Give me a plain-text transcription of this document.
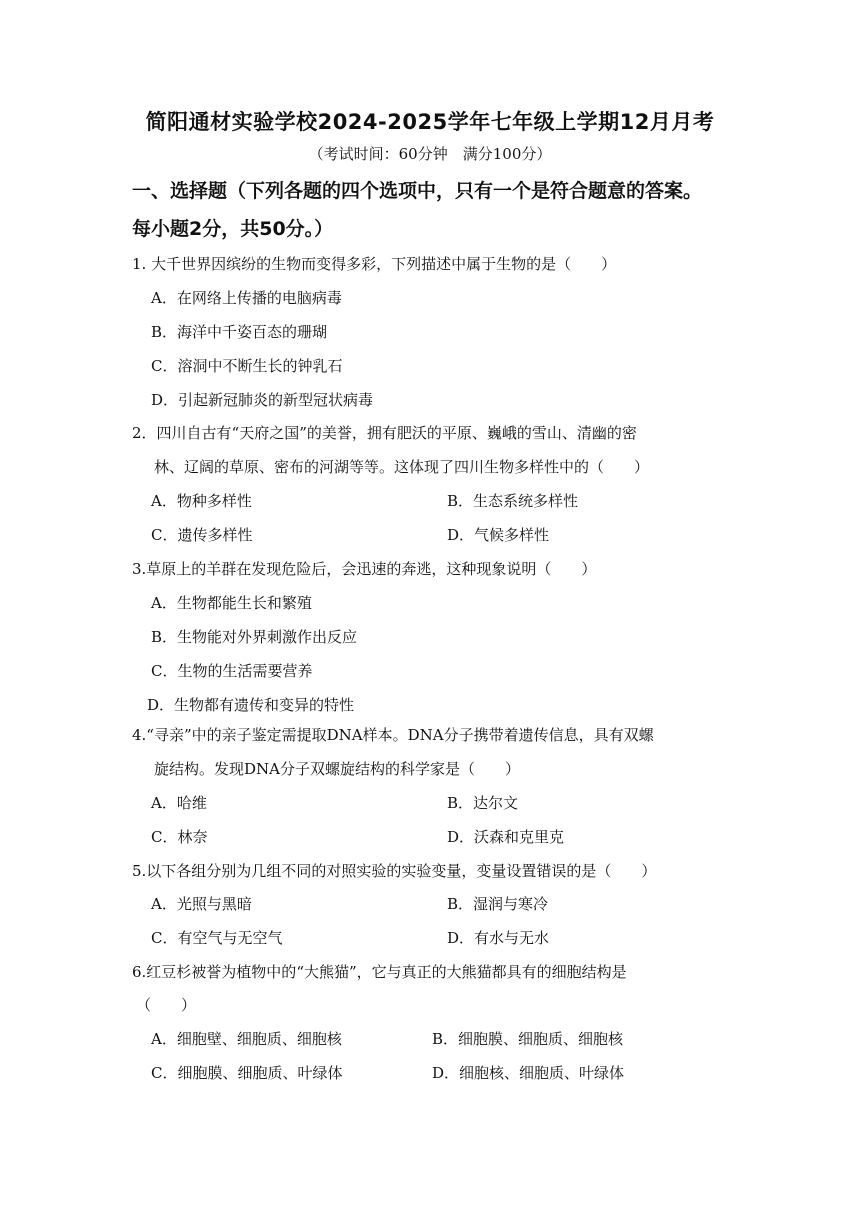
简阳通材实验学校2024-2025学年七年级上学期12月月考
（考试时间：60分钟　满分100分）
一、选择题（下列各题的四个选项中，只有一个是符合题意的答案。
每小题2分，共50分。）
1. 大千世界因缤纷的生物而变得多彩，下列描述中属于生物的是（　　）
A．在网络上传播的电脑病毒
B．海洋中千姿百态的珊瑚
C．溶洞中不断生长的钟乳石
D．引起新冠肺炎的新型冠状病毒
2．四川自古有“天府之国”的美誉，拥有肥沃的平原、巍峨的雪山、清幽的密
林、辽阔的草原、密布的河湖等等。这体现了四川生物多样性中的（　　）
A．物种多样性	B．生态系统多样性
C．遗传多样性	D．气候多样性
3.草原上的羊群在发现危险后，会迅速的奔逃，这种现象说明（　　）
A．生物都能生长和繁殖
B．生物能对外界刺激作出反应
C．生物的生活需要营养
D．生物都有遗传和变异的特性
4.“寻亲”中的亲子鉴定需提取DNA样本。DNA分子携带着遗传信息，具有双螺
旋结构。发现DNA分子双螺旋结构的科学家是（　　）
A．哈维	B．达尔文
C．林奈	D．沃森和克里克
5.以下各组分别为几组不同的对照实验的实验变量，变量设置错误的是（　　）
A．光照与黑暗	B．湿润与寒冷
C．有空气与无空气	D．有水与无水
6.红豆杉被誉为植物中的“大熊猫”，它与真正的大熊猫都具有的细胞结构是
（　　）
A．细胞壁、细胞质、细胞核	B．细胞膜、细胞质、细胞核
C．细胞膜、细胞质、叶绿体	D．细胞核、细胞质、叶绿体
